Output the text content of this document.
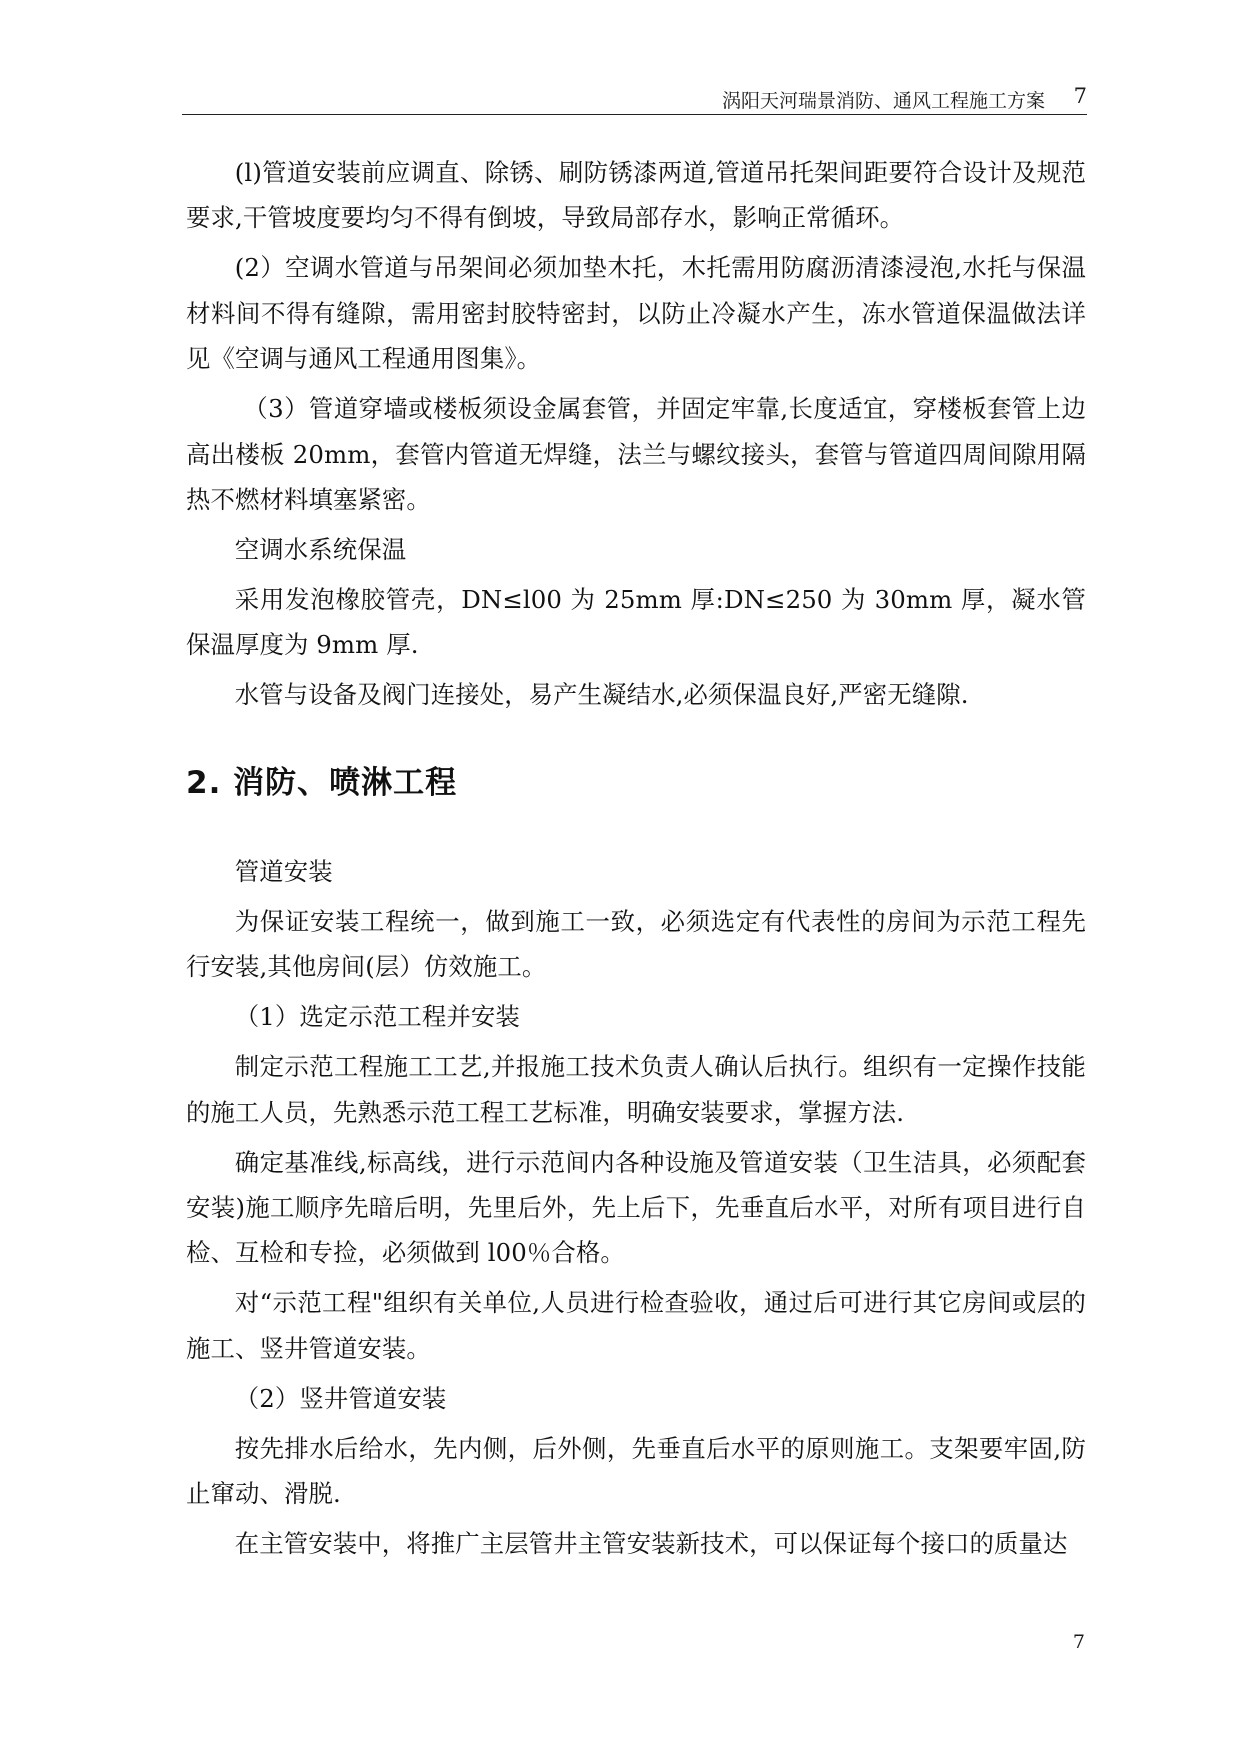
涡阳天河瑞景消防、通风工程施工方案 7

(l)管道安装前应调直、除锈、刷防锈漆两道,管道吊托架间距要符合设计及规范要求,干管坡度要均匀不得有倒坡，导致局部存水，影响正常循环。

(2）空调水管道与吊架间必须加垫木托，木托需用防腐沥清漆浸泡,水托与保温材料间不得有缝隙，需用密封胶特密封，以防止冷凝水产生，冻水管道保温做法详见《空调与通风工程通用图集》。

（3）管道穿墙或楼板须设金属套管，并固定牢靠,长度适宜，穿楼板套管上边高出楼板 20mm，套管内管道无焊缝，法兰与螺纹接头，套管与管道四周间隙用隔热不燃材料填塞紧密。

空调水系统保温

采用发泡橡胶管壳，DN≤l00 为 25mm 厚:DN≤250 为 30mm 厚，凝水管保温厚度为 9mm 厚.

水管与设备及阀门连接处，易产生凝结水,必须保温良好,严密无缝隙.

2. 消防、喷淋工程

管道安装

为保证安装工程统一，做到施工一致，必须选定有代表性的房间为示范工程先行安装,其他房间(层）仿效施工。

（1）选定示范工程并安装

制定示范工程施工工艺,并报施工技术负责人确认后执行。组织有一定操作技能的施工人员，先熟悉示范工程工艺标准，明确安装要求，掌握方法.

确定基准线,标高线，进行示范间内各种设施及管道安装（卫生洁具，必须配套安装)施工顺序先暗后明，先里后外，先上后下，先垂直后水平，对所有项目进行自检、互检和专捡，必须做到 l00％合格。

对“示范工程"组织有关单位,人员进行检查验收，通过后可进行其它房间或层的施工、竖井管道安装。

（2）竖井管道安装

按先排水后给水，先内侧，后外侧，先垂直后水平的原则施工。支架要牢固,防止窜动、滑脱.

在主管安装中，将推广主层管井主管安装新技术，可以保证每个接口的质量达

7
